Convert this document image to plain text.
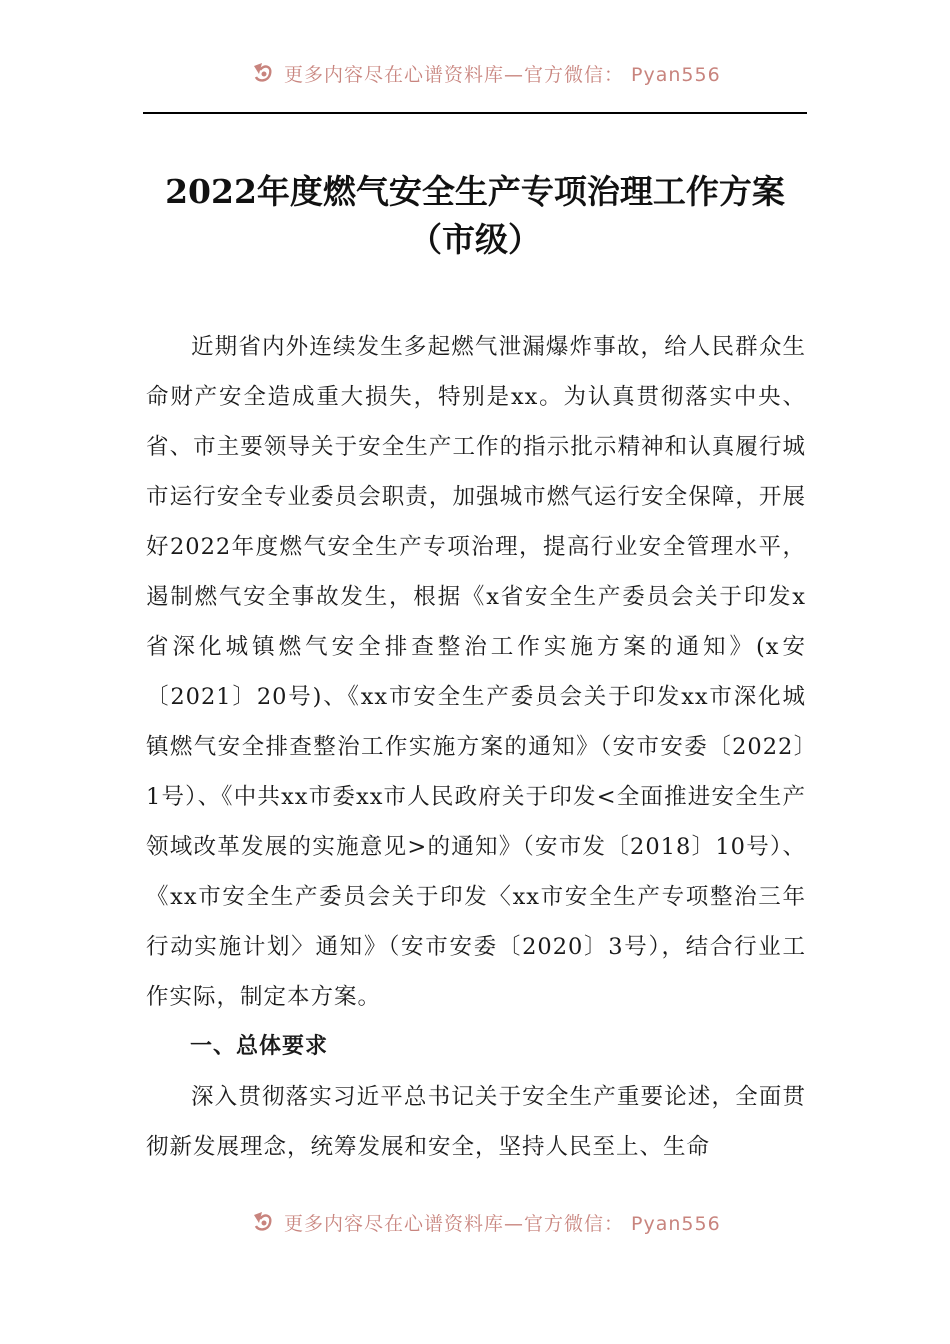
更多内容尽在心谱资料库—官方微信： Pyan556
2022年度燃气安全生产专项治理工作方案
（市级）

近期省内外连续发生多起燃气泄漏爆炸事故，给人民群众生命财产安全造成重大损失，特别是xx。为认真贯彻落实中央、省、市主要领导关于安全生产工作的指示批示精神和认真履行城市运行安全专业委员会职责，加强城市燃气运行安全保障，开展好2022年度燃气安全生产专项治理，提高行业安全管理水平，遏制燃气安全事故发生，根据《x省安全生产委员会关于印发x省深化城镇燃气安全排查整治工作实施方案的通知》(x安〔2021〕20号)、《xx市安全生产委员会关于印发xx市深化城镇燃气安全排查整治工作实施方案的通知》（安市安委〔2022〕1号）、《中共xx市委xx市人民政府关于印发<全面推进安全生产领域改革发展的实施意见>的通知》（安市发〔2018〕10号）、《xx市安全生产委员会关于印发〈xx市安全生产专项整治三年行动实施计划〉通知》（安市安委〔2020〕3号），结合行业工作实际，制定本方案。

一、总体要求

深入贯彻落实习近平总书记关于安全生产重要论述，全面贯彻新发展理念，统筹发展和安全，坚持人民至上、生命

更多内容尽在心谱资料库—官方微信： Pyan556
